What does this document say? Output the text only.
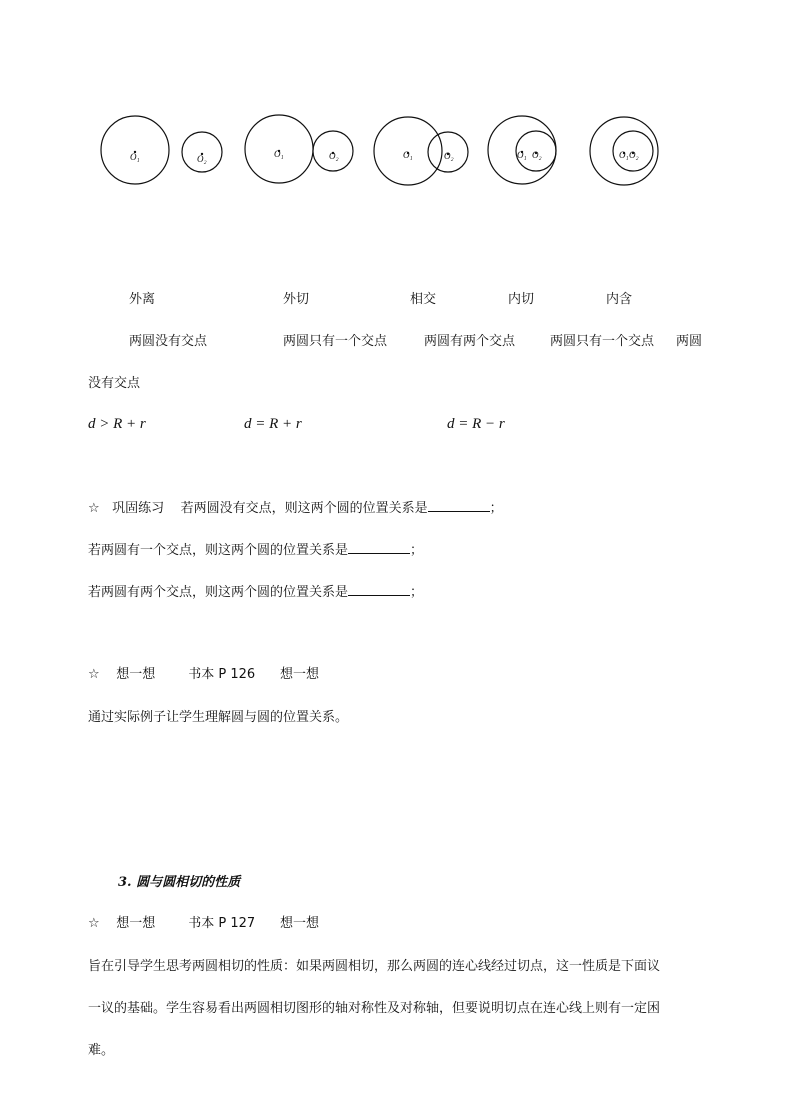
O₁	O₂	O₁	O₂	O₁	O₂	O₁ O₂	O₁ O₂
外离	外切	相交	内切	内含
两圆没有交点	两圆只有一个交点	两圆有两个交点	两圆只有一个交点 两圆
没有交点
d > R + r	d = R + r	d = R − r
☆ 巩固练习 若两圆没有交点，则这两个圆的位置关系是	；
若两圆有一个交点，则这两个圆的位置关系是	；
若两圆有两个交点，则这两个圆的位置关系是	；
☆ 想一想	书本 P 126 想一想
通过实际例子让学生理解圆与圆的位置关系。
3. 圆与圆相切的性质
☆ 想一想	书本 P 127 想一想
旨在引导学生思考两圆相切的性质：如果两圆相切，那么两圆的连心线经过切点，这一性质是下面议
一议的基础。学生容易看出两圆相切图形的轴对称性及对称轴，但要说明切点在连心线上则有一定困
难。
